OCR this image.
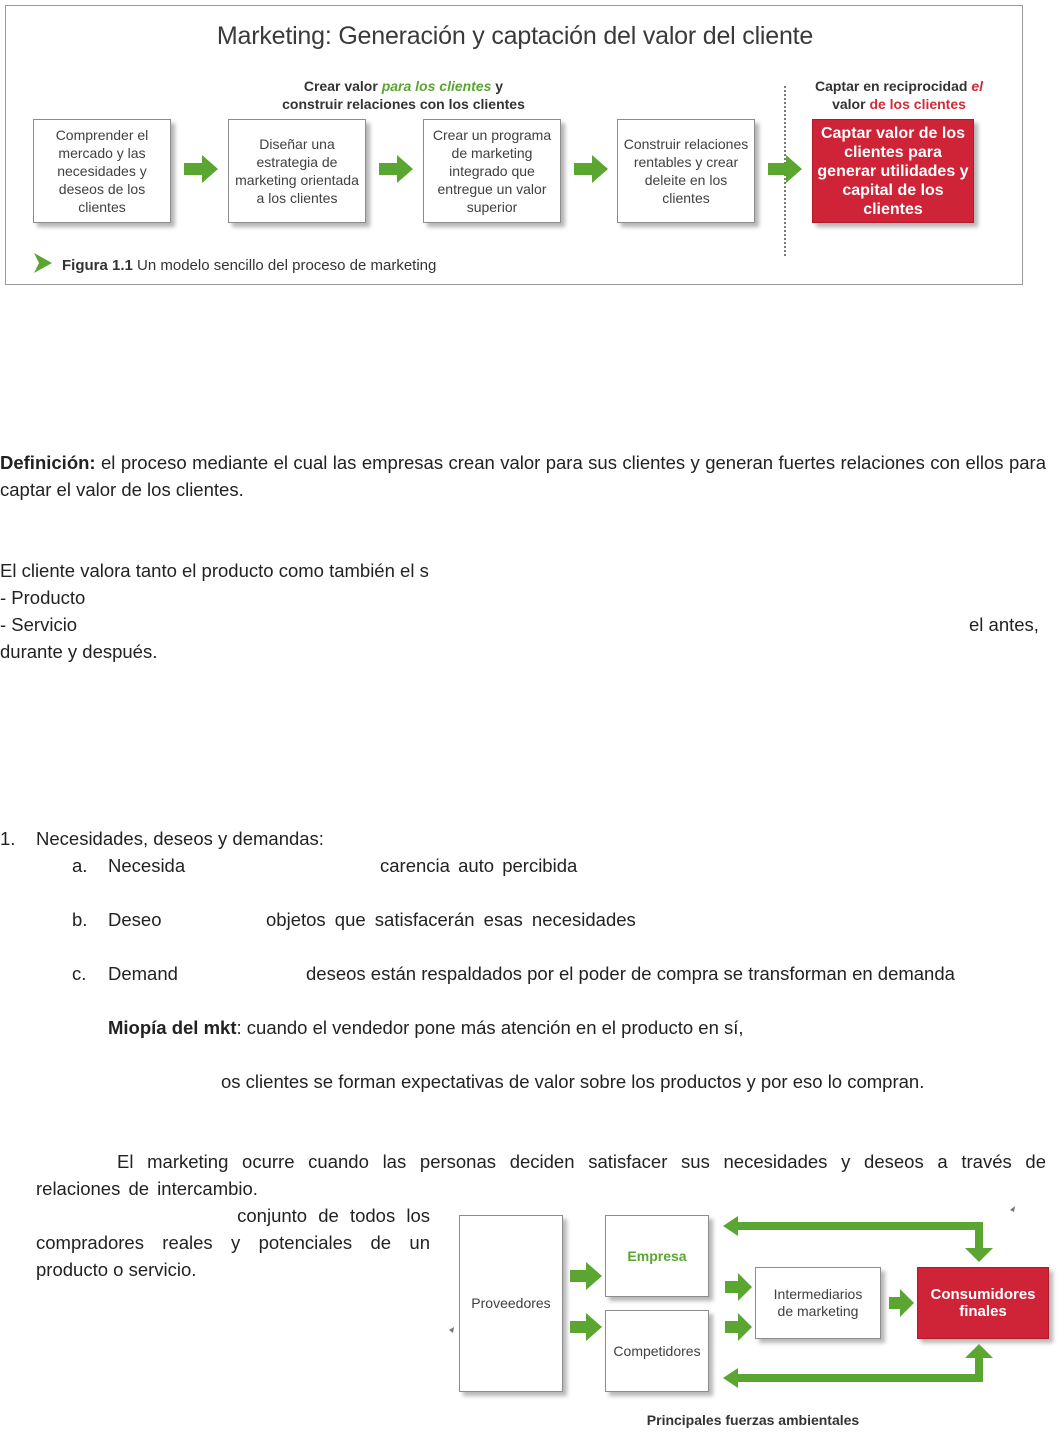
Marketing: Generación y captación del valor del cliente
Crear valor para los clientes y
construir relaciones con los clientes
Captar en reciprocidad el
valor de los clientes
Comprender el mercado y las necesidades y deseos de los clientes
Diseñar una estrategia de marketing orientada a los clientes
Crear un programa de marketing integrado que entregue un valor superior
Construir relaciones rentables y crear deleite en los clientes
Captar valor de los clientes para generar utilidades y capital de los clientes
Figura 1.1 Un modelo sencillo del proceso de marketing
Definición: el proceso mediante el cual las empresas crean valor para sus clientes y generan fuertes relaciones con ellos para captar el valor de los clientes.
El cliente valora tanto el producto como también el s
- Producto
- Servicio	el antes,
durante y después.
1. Necesidades, deseos y demandas:
a. Necesida	carencia auto percibida
b. Deseo	objetos que satisfacerán esas necesidades
c. Demand	deseos están respaldados por el poder de compra se transforman en demanda
Miopía del mkt: cuando el vendedor pone más atención en el producto en sí,
os clientes se forman expectativas de valor sobre los productos y por eso lo compran.
El marketing ocurre cuando las personas deciden satisfacer sus necesidades y deseos a través de relaciones de intercambio.
conjunto de todos los
compradores reales y potenciales de un
producto o servicio.
Proveedores
Empresa
Competidores
Intermediarios de marketing
Consumidores finales
Principales fuerzas ambientales
